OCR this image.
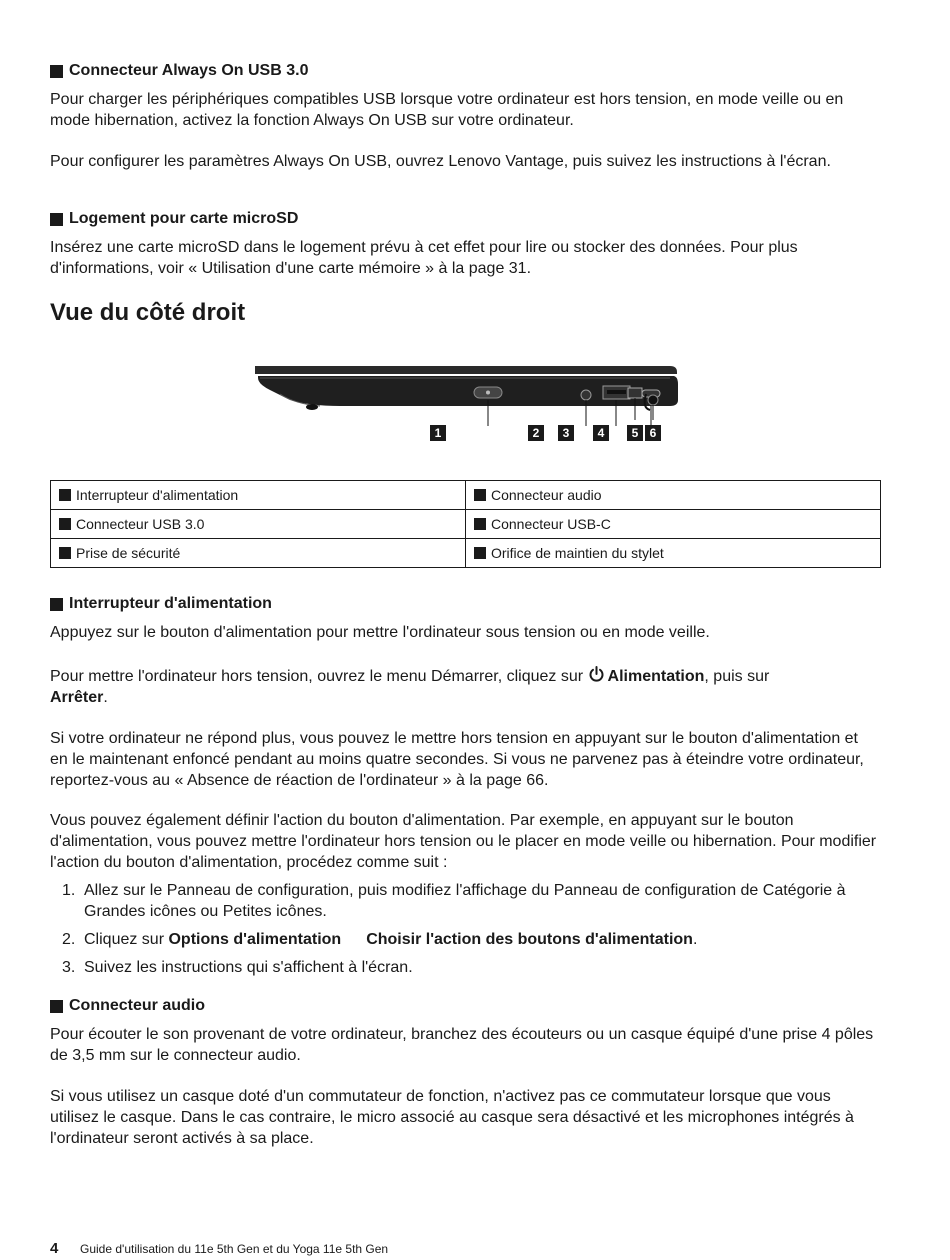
Connecteur Always On USB 3.0

Pour charger les périphériques compatibles USB lorsque votre ordinateur est hors tension, en mode veille ou en mode hibernation, activez la fonction Always On USB sur votre ordinateur.

Pour configurer les paramètres Always On USB, ouvrez Lenovo Vantage, puis suivez les instructions à l'écran.

Logement pour carte microSD

Insérez une carte microSD dans le logement prévu à cet effet pour lire ou stocker des données. Pour plus d'informations, voir « Utilisation d'une carte mémoire » à la page 31.

Vue du côté droit
1	2	3	4	5 6
Interrupteur d'alimentation	Connecteur audio

Connecteur USB 3.0	Connecteur USB-C

Prise de sécurité	Orifice de maintien du stylet
Interrupteur d'alimentation

Appuyez sur le bouton d'alimentation pour mettre l'ordinateur sous tension ou en mode veille.

Pour mettre l'ordinateur hors tension, ouvrez le menu Démarrer, cliquez sur Alimentation, puis sur
Arrêter.

Si votre ordinateur ne répond plus, vous pouvez le mettre hors tension en appuyant sur le bouton d'alimentation et en le maintenant enfoncé pendant au moins quatre secondes. Si vous ne parvenez pas à éteindre votre ordinateur, reportez-vous au « Absence de réaction de l'ordinateur » à la page 66.

Vous pouvez également définir l'action du bouton d'alimentation. Par exemple, en appuyant sur le bouton d'alimentation, vous pouvez mettre l'ordinateur hors tension ou le placer en mode veille ou hibernation. Pour modifier l'action du bouton d'alimentation, procédez comme suit :

1. Allez sur le Panneau de configuration, puis modifiez l'affichage du Panneau de configuration de Catégorie à Grandes icônes ou Petites icônes.
2. Cliquez sur Options d'alimentation Choisir l'action des boutons d'alimentation.
3. Suivez les instructions qui s'affichent à l'écran.
Connecteur audio

Pour écouter le son provenant de votre ordinateur, branchez des écouteurs ou un casque équipé d'une prise 4 pôles de 3,5 mm sur le connecteur audio.

Si vous utilisez un casque doté d'un commutateur de fonction, n'activez pas ce commutateur lorsque que vous utilisez le casque. Dans le cas contraire, le micro associé au casque sera désactivé et les microphones intégrés à l'ordinateur seront activés à sa place.

4	Guide d'utilisation du 11e 5th Gen et du Yoga 11e 5th Gen
